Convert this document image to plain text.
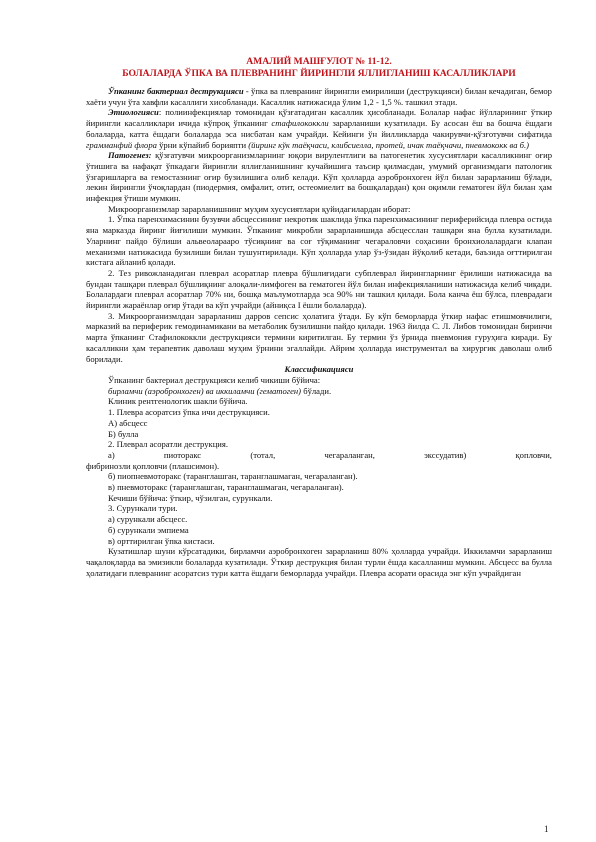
АМАЛИЙ МАШҒУЛОТ № 11-12.
БОЛАЛАРДА ЎПКА ВА ПЛЕВРАНИНГ ЙИРИНГЛИ ЯЛЛИГЛАНИШ КАСАЛЛИКЛАРИ

Ўпканинг бактериал деструкцияси - ўпка ва плевранинг йирингли емирилиши (деструкцияси) билан кечадиган, бемор хаёти учун ўта хавфли касаллиги хисобланади. Касаллик натижасида ўлим 1,2 - 1,5 %. ташкил этади.

Этиологияси: полиинфекциялар томонидан қўзғатадиган касаллик ҳисобланади. Болалар нафас йўлларининг ўткир йирингли касалликлари ичида кўпроқ ўпканинг стафилококкли зарарланиши кузатилади. Бу асосан ёш ва бошча ёшдаги болаларда, катта ёшдаги болаларда эса нисбатан кам учрайди. Кейинги ўн йилликларда чакирувчи-қўзғотувчи сифатида грамманфий флора ўрни кўпайиб борияпти (йиринг кўк таёқчаси, клибсиелла, протей, ичак таёқчачи, пневмококк ва б.)

Патогенез: қўзғатувчи микроорганизмларнинг юқори вирулентлиги ва патогенетик хусусиятлари касалликнинг оғир ўтишига ва нафақат ўпкадаги йирингли яллиғланишнинг кучайишига таъсир қилмасдан, умумий организмдаги патологик ўзгаришларга ва гемостазнинг оғир бузилишига олиб келади. Кўп ҳолларда аэробронхоген йўл билан зарарланиш бўлади, лекин йирингли ўчоқлардан (пиодермия, омфалит, отит, остеомиелит ва бошқалардан) қон оқимли гематоген йўл билан ҳам инфекция ўтиши мумкин.

Микроорганизмлар зарарланишнинг муҳим хусусиятлари қуйидагилардан иборат:

1. Ўпка паренхимасинин бузувчи абсцессининг некротик шаклида ўпка паренхимасининг периферийсида плевра остида яна марказда йиринг йиғилиши мумкин. Ўпканинг микробли зарарланишида абсцесслан ташқари яна булла кузатилади. Уларнинг пайдо бўлиши альвеоларааро тўсиқнинг ва соғ тўқиманинг чегараловчи соҳасини бронхиолалардаги клапан механизми натижасида бузилиши билан тушунтирилади. Кўп ҳолларда улар ўз-ўзидан йўқолиб кетади, баъзида оғттирилган кистага айланиб қолади.

2. Тез ривожланадиган плеврал асоратлар плевра бўшлиғидаги субплеврал йирингларнинг ёрилиши натижасида ва бундан ташқари плеврал бўшлиқнинг алоқали-лимфоген ва гематоген йўл билан инфекцияланиши натижасида келиб чиқади. Болалардаги плеврал асоратлар 70% ни, бошқа маълумотларда эса 90% ни ташкил қилади. Бола канча ёш бўлса, плеврадаги йирингли жараёнлар оғир ўтади ва кўп учрайди (айниқса I ёшли болаларда).

3. Микроорганизмлдан зарарланиш дарров сепсис ҳолатига ўтади. Бу кўп беморларда ўткир нафас етишмовчилиги, марказий ва периферик гемодинамикани ва метаболик бузилишни пайдо қилади. 1963 йилда С. Л. Либов томонидан биринчи марта ўпканинг Стафилококкли деструкцияси термини киритилган. Бу термин ўз ўрнида пневмония гуруҳига киради. Бу касалликни ҳам терапевтик даволаш муҳим ўрнини эгаллайди. Айрим ҳолларда инструментал ва хирургик даволаш олиб борилади.

Классификацияси

Ўпканинг бактериал деструкцияси келиб чикиши бўйича:

бирламчи (аэробронхоген) ва иккиламчи (гематоген) бўлади.

Клиник рентгенологик шакли бўйича.

1. Плевра асоратсиз ўпка ичи деструкцияси.

А) абсцесс

Б) булла

2. Плеврал асоратли деструкция.

а)	пиоторакс	(тотал,	чегараланган,	экссудатив)	қопловчи,

фибринозли қопловчи (плашсимон).

б) пиопневмоторакс (таранглашган, таранглашмаган, чегараланган).

в) пневмоторакс (таранглашган, таранглашмаган, чегараланган).

Кечиши бўйича: ўткир, чўзилган, сурункали.

3. Сурункали тури.

а) сурункали абсцесс.

б) сурункали эмпиема

в) орттирилган ўпка кистаси.

Кузатишлар шуни кўрсатадики, бирламчи аэробронхоген зарарланиш 80% ҳолларда учрайди. Иккиламчи зарарланиш чақалоқларда ва эмизикли болаларда кузатилади. Ўткир деструкция билан турли ёшда касалланиш мумкин. Абсцесс ва булла ҳолатидаги плевранинг асоратсиз тури катта ёшдаги беморларда учрайди. Плевра асорати орасида энг кўп учрайдиган

1
